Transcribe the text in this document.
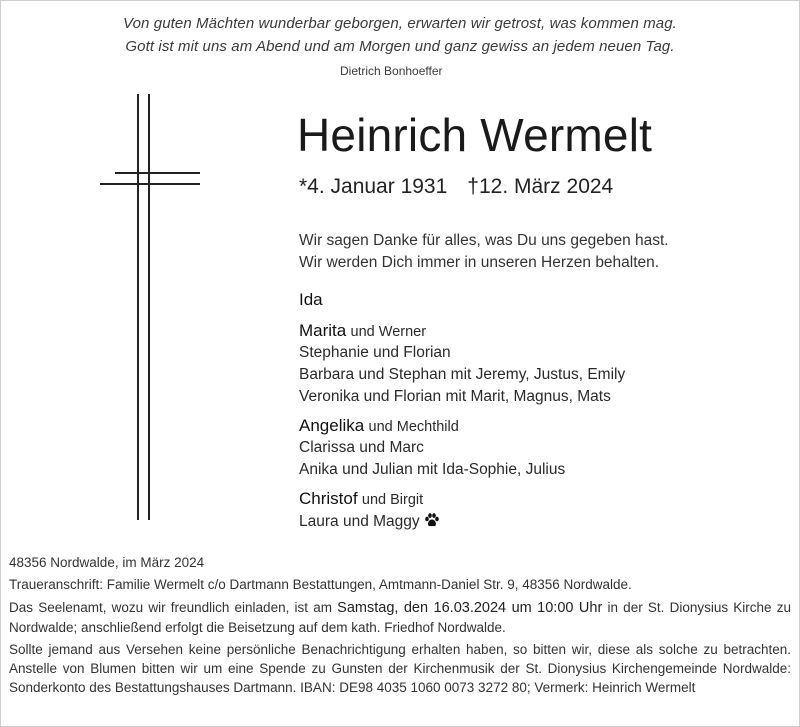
Von guten Mächten wunderbar geborgen, erwarten wir getrost, was kommen mag.
Gott ist mit uns am Abend und am Morgen und ganz gewiss an jedem neuen Tag.
Dietrich Bonhoeffer
Heinrich Wermelt
*4. Januar 1931 †12. März 2024
Wir sagen Danke für alles, was Du uns gegeben hast.
Wir werden Dich immer in unseren Herzen behalten.
Ida
Marita und Werner
Stephanie und Florian
Barbara und Stephan mit Jeremy, Justus, Emily
Veronika und Florian mit Marit, Magnus, Mats
Angelika und Mechthild
Clarissa und Marc
Anika und Julian mit Ida-Sophie, Julius
Christof und Birgit
Laura und Maggy
48356 Nordwalde, im März 2024
Traueranschrift: Familie Wermelt c/o Dartmann Bestattungen, Amtmann-Daniel Str. 9, 48356 Nordwalde.
Das Seelenamt, wozu wir freundlich einladen, ist am Samstag, den 16.03.2024 um 10:00 Uhr in der St. Dionysius Kirche zu Nordwalde; anschließend erfolgt die Beisetzung auf dem kath. Friedhof Nordwalde.
Sollte jemand aus Versehen keine persönliche Benachrichtigung erhalten haben, so bitten wir, diese als solche zu betrachten. Anstelle von Blumen bitten wir um eine Spende zu Gunsten der Kirchenmusik der St. Dionysius Kirchengemeinde Nordwalde: Sonderkonto des Bestattungshauses Dartmann. IBAN: DE98 4035 1060 0073 3272 80; Vermerk: Heinrich Wermelt
